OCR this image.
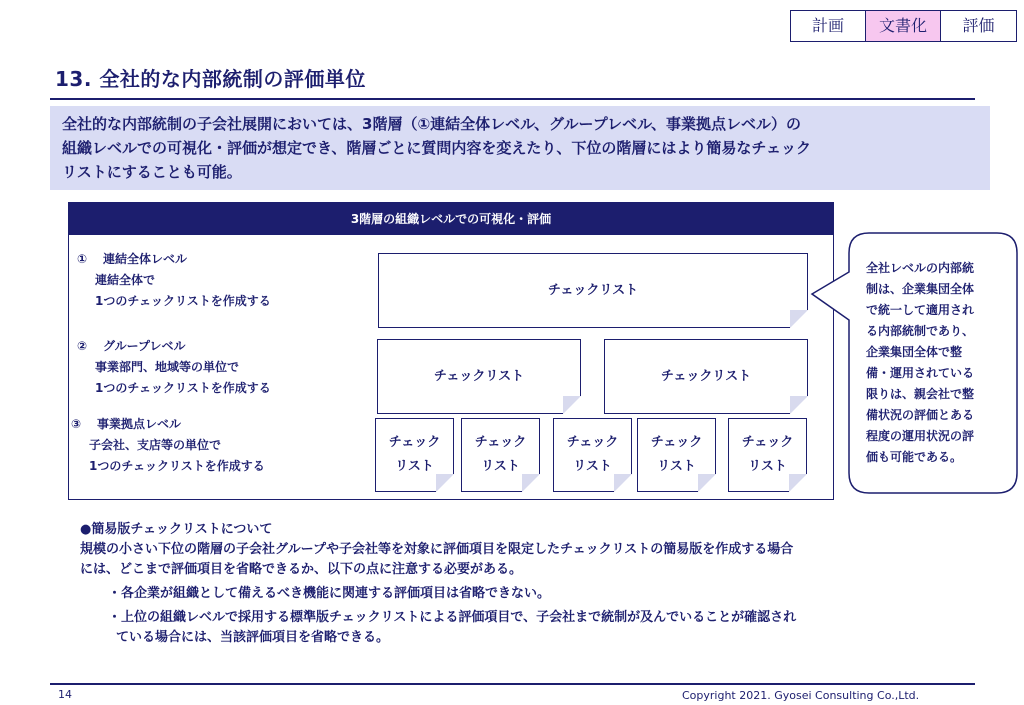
計画	文書化	評価
13. 全社的な内部統制の評価単位
全社的な内部統制の子会社展開においては、3階層（①連結全体レベル、グループレベル、事業拠点レベル）の
組織レベルでの可視化・評価が想定でき、階層ごとに質問内容を変えたり、下位の階層にはより簡易なチェック
リストにすることも可能。
3階層の組織レベルでの可視化・評価
①	連結全体レベル
連結全体で
1つのチェックリストを作成する
②	グループレベル
事業部門、地域等の単位で
1つのチェックリストを作成する
③	事業拠点レベル
子会社、支店等の単位で
1つのチェックリストを作成する
チェックリスト
チェックリスト	チェックリスト
チェック
リスト
チェック
リスト
チェック
リスト
チェック
リスト
チェック
リスト
全社レベルの内部統
制は、企業集団全体
で統一して適用され
る内部統制であり、
企業集団全体で整
備・運用されている
限りは、親会社で整
備状況の評価とある
程度の運用状況の評
価も可能である。
●簡易版チェックリストについて
規模の小さい下位の階層の子会社グループや子会社等を対象に評価項目を限定したチェックリストの簡易版を作成する場合
には、どこまで評価項目を省略できるか、以下の点に注意する必要がある。
・各企業が組織として備えるべき機能に関連する評価項目は省略できない。
・上位の組織レベルで採用する標準版チェックリストによる評価項目で、子会社まで統制が及んでいることが確認され
ている場合には、当該評価項目を省略できる。
14	Copyright 2021. Gyosei Consulting Co.,Ltd.
